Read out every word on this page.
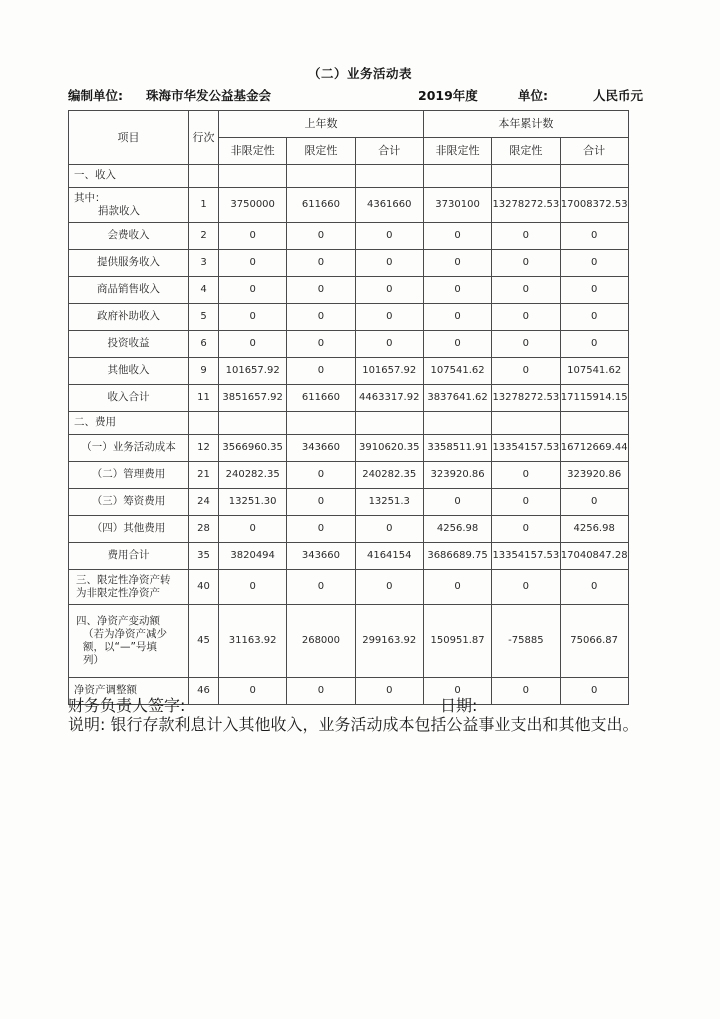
（二）业务活动表
编制单位: 珠海市华发公益基金会	2019年度	单位:	人民币元
项目	行次	上年数			本年累计数		
		非限定性	限定性	合计	非限定性	限定性	合计
一、收入							

其中：
捐款收入	1	3750000	611660	4361660	3730100	13278272.53	17008372.53
会费收入	2	0	0	0	0	0	0
提供服务收入	3	0	0	0	0	0	0
商品销售收入	4	0	0	0	0	0	0
政府补助收入	5	0	0	0	0	0	0
投资收益	6	0	0	0	0	0	0
其他收入	9	101657.92	0	101657.92	107541.62	0	107541.62
收入合计	11	3851657.92	611660	4463317.92	3837641.62	13278272.53	17115914.15
二、费用							
（一）业务活动成本	12	3566960.35	343660	3910620.35	3358511.91	13354157.53	16712669.44
（二）管理费用	21	240282.35	0	240282.35	323920.86	0	323920.86
（三）筹资费用	24	13251.30	0	13251.3	0	0	0
（四）其他费用	28	0	0	0	4256.98	0	4256.98
费用合计	35	3820494	343660	4164154	3686689.75	13354157.53	17040847.28

三、限定性净资产转
为非限定性净资产	40	0	0	0	0	0	0

四、净资产变动额
（若为净资产减少
额，以“—”号填
列）	45	31163.92	268000	299163.92	150951.87	-75885	75066.87
净资产调整额	46	0	0	0	0	0	0
财务负责人签字:	日期:
说明: 银行存款利息计入其他收入，业务活动成本包括公益事业支出和其他支出。
